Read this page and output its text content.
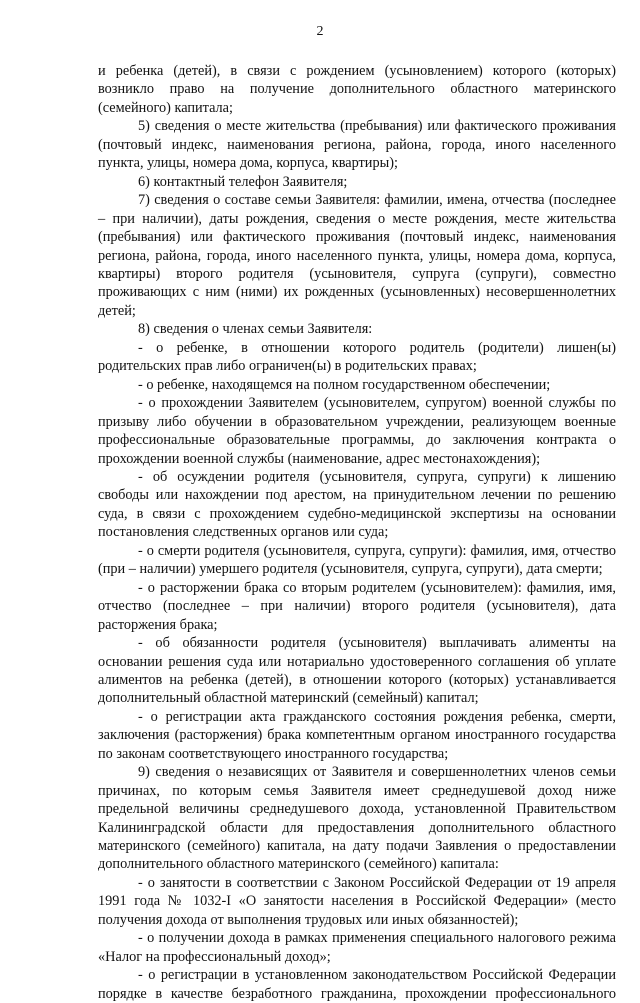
2

и ребенка (детей), в связи с рождением (усыновлением) которого (которых) возникло право на получение дополнительного областного материнского (семейного) капитала;

5) сведения о месте жительства (пребывания) или фактического проживания (почтовый индекс, наименования региона, района, города, иного населенного пункта, улицы, номера дома, корпуса, квартиры);

6) контактный телефон Заявителя;

7) сведения о составе семьи Заявителя: фамилии, имена, отчества (последнее – при наличии), даты рождения, сведения о месте рождения, месте жительства (пребывания) или фактического проживания (почтовый индекс, наименования региона, района, города, иного населенного пункта, улицы, номера дома, корпуса, квартиры) второго родителя (усыновителя, супруга (супруги), совместно проживающих с ним (ними) их рожденных (усыновленных) несовершеннолетних детей;

8) сведения о членах семьи Заявителя:

- о ребенке, в отношении которого родитель (родители) лишен(ы) родительских прав либо ограничен(ы) в родительских правах;

- о ребенке, находящемся на полном государственном обеспечении;

- о прохождении Заявителем (усыновителем, супругом) военной службы по призыву либо обучении в образовательном учреждении, реализующем военные профессиональные образовательные программы, до заключения контракта о прохождении военной службы (наименование, адрес местонахождения);

- об осуждении родителя (усыновителя, супруга, супруги) к лишению свободы или нахождении под арестом, на принудительном лечении по решению суда, в связи с прохождением судебно-медицинской экспертизы на основании постановления следственных органов или суда;

- о смерти родителя (усыновителя, супруга, супруги): фамилия, имя, отчество (при – наличии) умершего родителя (усыновителя, супруга, супруги), дата смерти;

- о расторжении брака со вторым родителем (усыновителем): фамилия, имя, отчество (последнее – при наличии) второго родителя (усыновителя), дата расторжения брака;

- об обязанности родителя (усыновителя) выплачивать алименты на основании решения суда или нотариально удостоверенного соглашения об уплате алиментов на ребенка (детей), в отношении которого (которых) устанавливается дополнительный областной материнский (семейный) капитал;

- о регистрации акта гражданского состояния рождения ребенка, смерти, заключения (расторжения) брака компетентным органом иностранного государства по законам соответствующего иностранного государства;

9) сведения о независящих от Заявителя и совершеннолетних членов семьи причинах, по которым семья Заявителя имеет среднедушевой доход ниже предельной величины среднедушевого дохода, установленной Правительством Калининградской области для предоставления дополнительного областного материнского (семейного) капитала, на дату подачи Заявления о предоставлении дополнительного областного материнского (семейного) капитала:

- о занятости в соответствии с Законом Российской Федерации от 19 апреля 1991 года № 1032-I «О занятости населения в Российской Федерации» (место получения дохода от выполнения трудовых или иных обязанностей);

- о получении дохода в рамках применения специального налогового режима «Налог на профессиональный доход»;

- о регистрации в установленном законодательством Российской Федерации порядке в качестве безработного гражданина, прохождении профессионального
